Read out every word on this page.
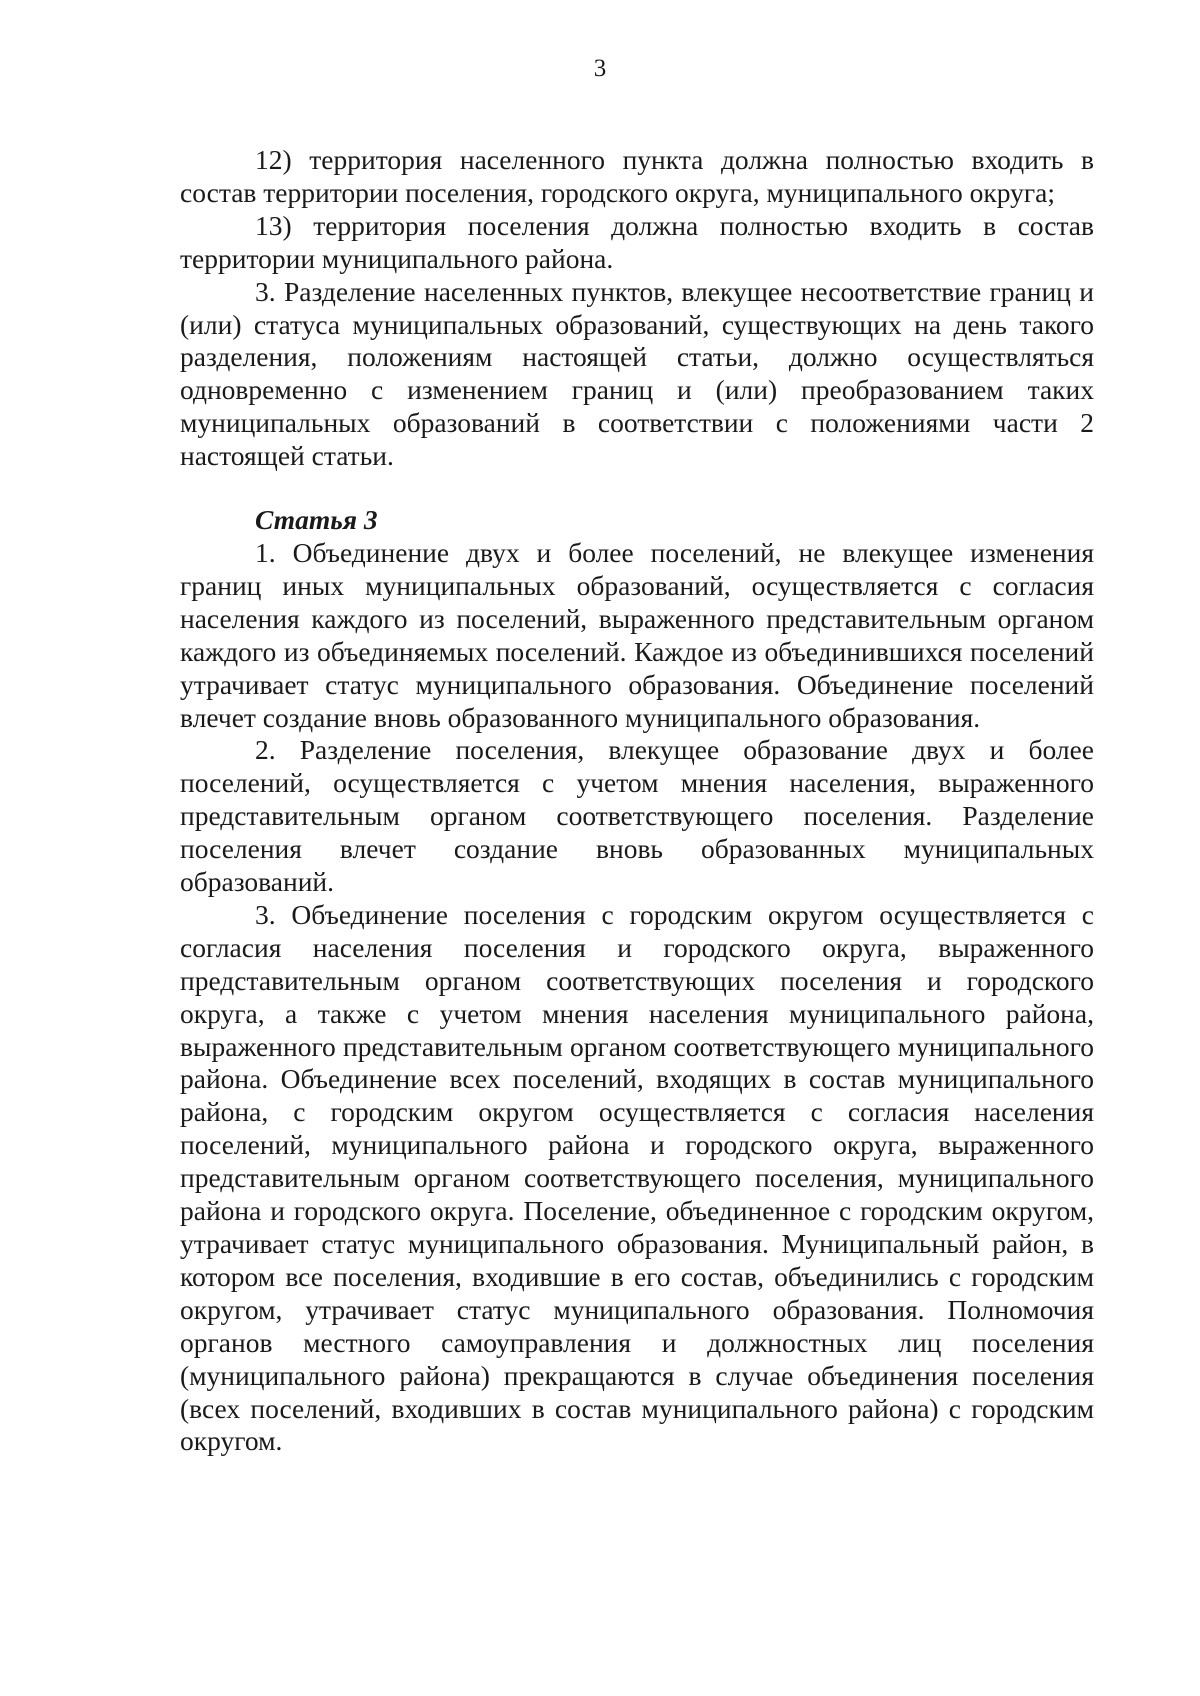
3

12) территория населенного пункта должна полностью входить в состав территории поселения, городского округа, муниципального округа;

13) территория поселения должна полностью входить в состав территории муниципального района.

3. Разделение населенных пунктов, влекущее несоответствие границ и (или) статуса муниципальных образований, существующих на день такого разделения, положениям настоящей статьи, должно осуществляться одновременно с изменением границ и (или) преобразованием таких муниципальных образований в соответствии с положениями части 2 настоящей статьи.

Статья 3

1. Объединение двух и более поселений, не влекущее изменения границ иных муниципальных образований, осуществляется с согласия населения каждого из поселений, выраженного представительным органом каждого из объединяемых поселений. Каждое из объединившихся поселений утрачивает статус муниципального образования. Объединение поселений влечет создание вновь образованного муниципального образования.

2. Разделение поселения, влекущее образование двух и более поселений, осуществляется с учетом мнения населения, выраженного представительным органом соответствующего поселения. Разделение поселения влечет создание вновь образованных муниципальных образований.

3. Объединение поселения с городским округом осуществляется с согласия населения поселения и городского округа, выраженного представительным органом соответствующих поселения и городского округа, а также с учетом мнения населения муниципального района, выраженного представительным органом соответствующего муниципального района. Объединение всех поселений, входящих в состав муниципального района, с городским округом осуществляется с согласия населения поселений, муниципального района и городского округа, выраженного представительным органом соответствующего поселения, муниципального района и городского округа. Поселение, объединенное с городским округом, утрачивает статус муниципального образования. Муниципальный район, в котором все поселения, входившие в его состав, объединились с городским округом, утрачивает статус муниципального образования. Полномочия органов местного самоуправления и должностных лиц поселения (муниципального района) прекращаются в случае объединения поселения (всех поселений, входивших в состав муниципального района) с городским округом.
